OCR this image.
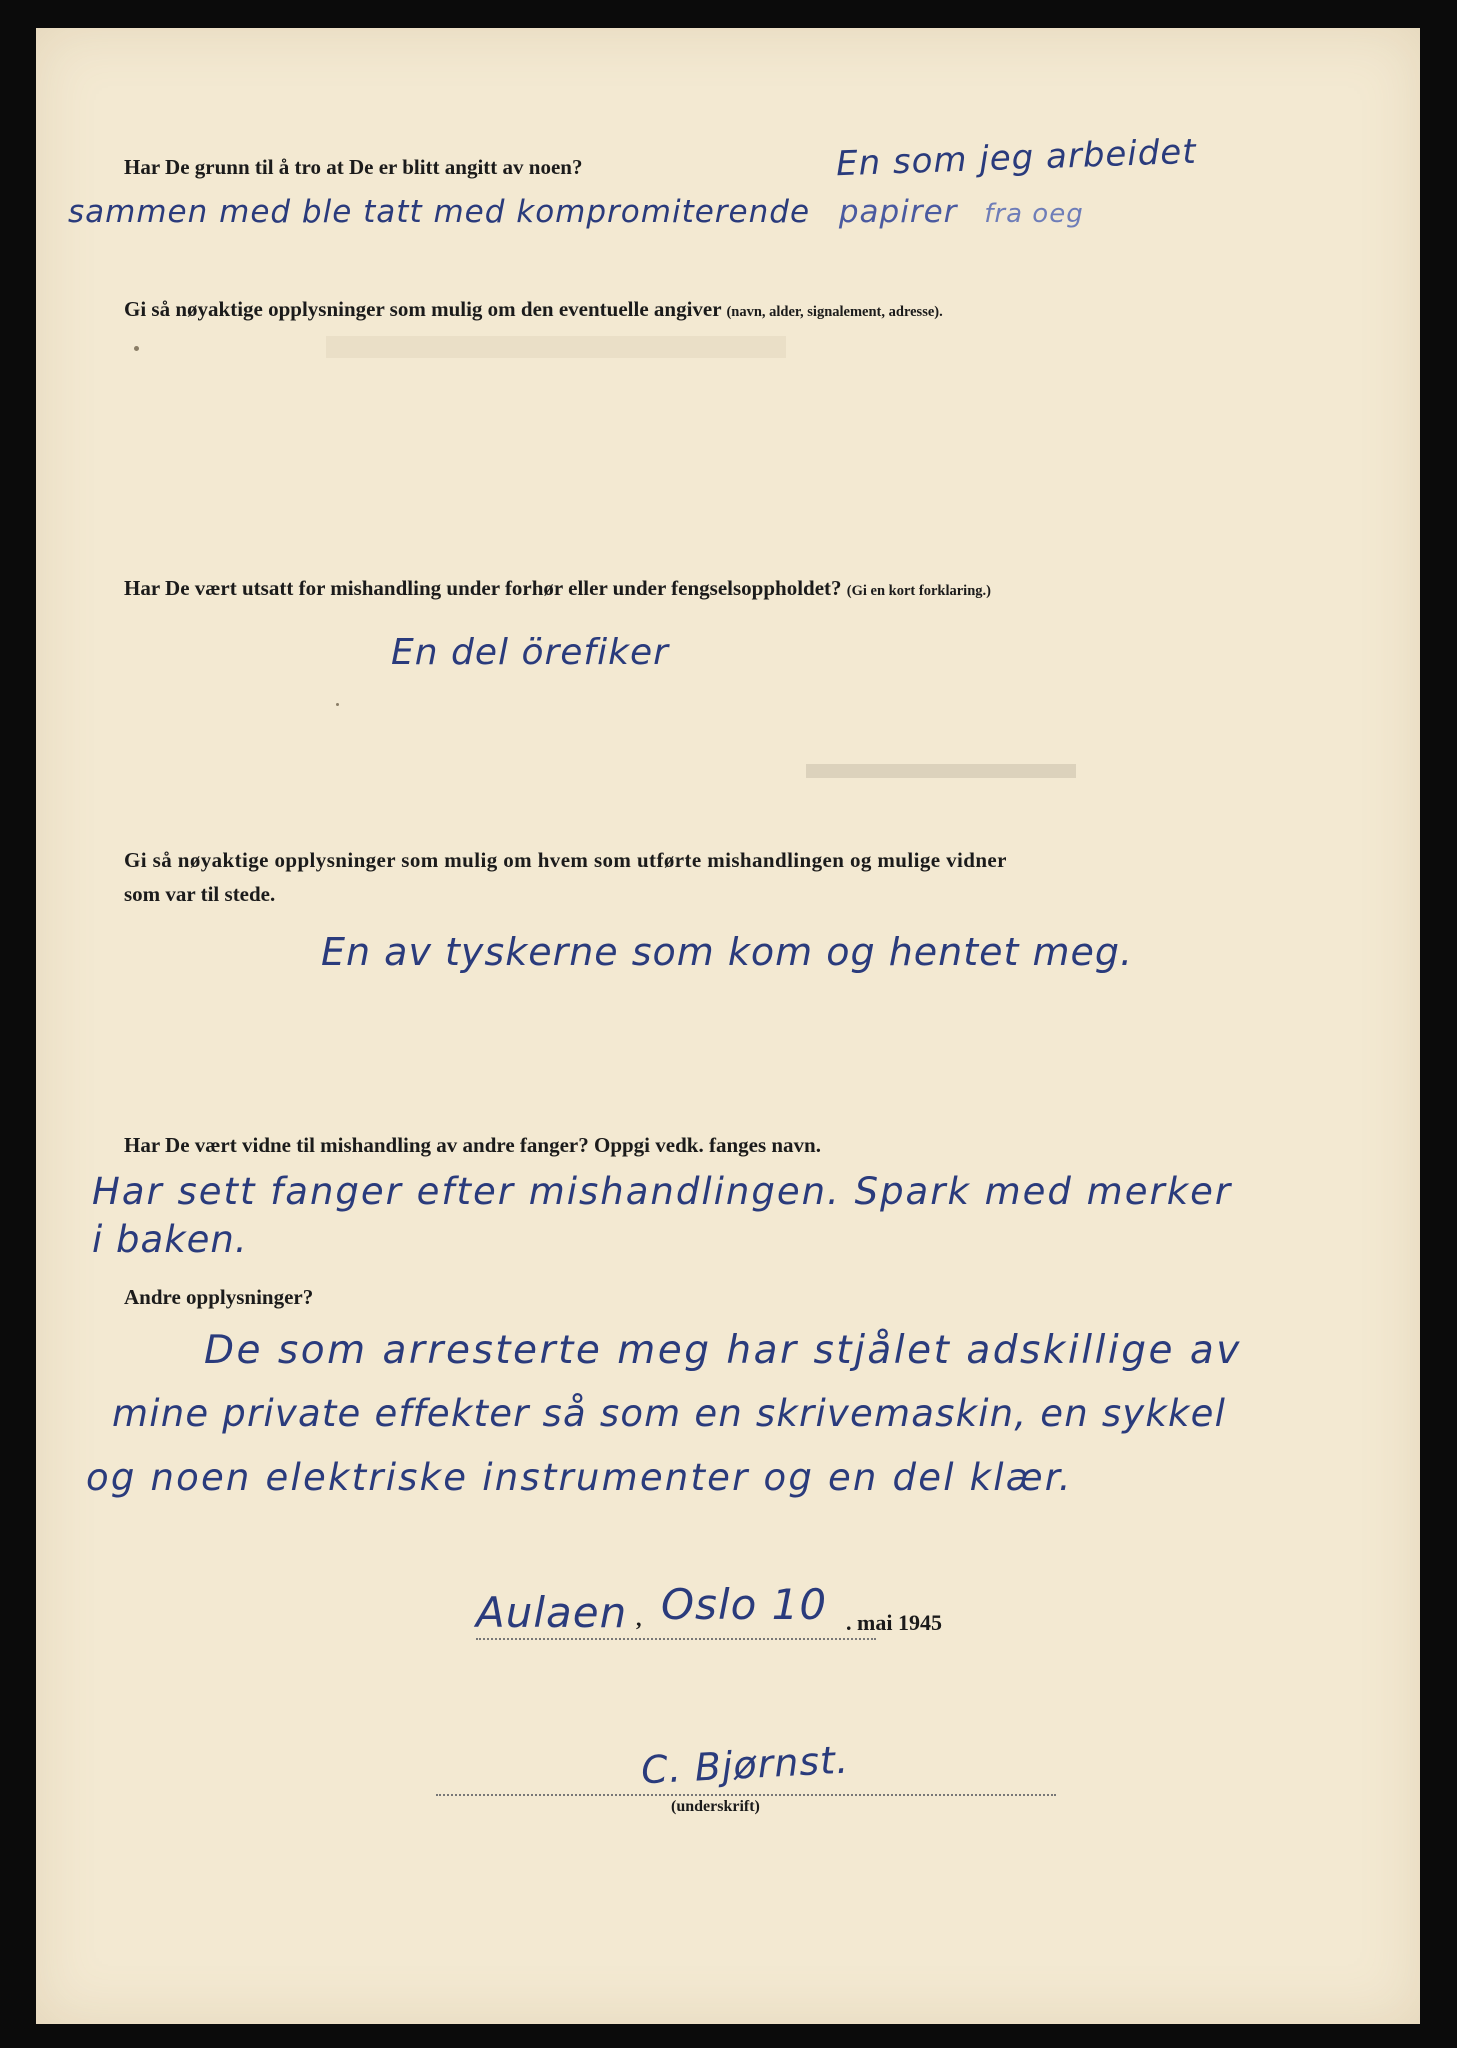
Har De grunn til å tro at De er blitt angitt av noen?	En som jeg arbeidet
sammen med ble tatt med kompromiterende papirer fra oeg
Gi så nøyaktige opplysninger som mulig om den eventuelle angiver (navn, alder, signalement, adresse).
Har De vært utsatt for mishandling under forhør eller under fengselsoppholdet? (Gi en kort forklaring.)
En del örefiker
Gi så nøyaktige opplysninger som mulig om hvem som utførte mishandlingen og mulige vidner
som var til stede.
En av tyskerne som kom og hentet meg.
Har De vært vidne til mishandling av andre fanger? Oppgi vedk. fanges navn.
Har sett fanger efter mishandlingen. Spark med merker
i baken.
Andre opplysninger?
De som arresterte meg har stjålet adskillige av
mine private effekter så som en skrivemaskin, en sykkel
og noen elektriske instrumenter og en del klær.
Aulaen , Oslo 10 . mai 1945
C. Bjørnst.
(underskrift)
